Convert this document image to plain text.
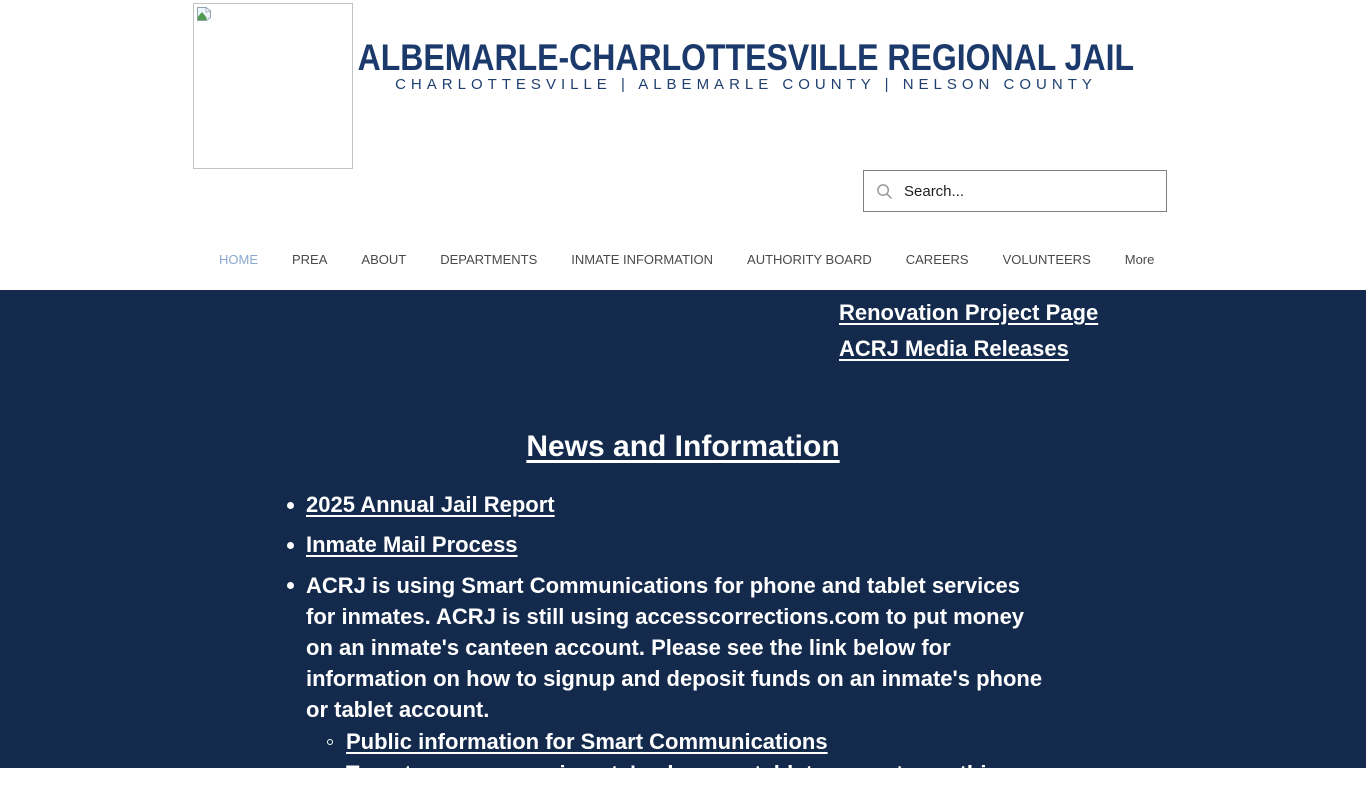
ALBEMARLE-CHARLOTTESVILLE REGIONAL JAIL
CHARLOTTESVILLE | ALBEMARLE COUNTY | NELSON COUNTY
Search...
HOME	PREA	ABOUT	DEPARTMENTS	INMATE INFORMATION	AUTHORITY BOARD	CAREERS	VOLUNTEERS	More
Renovation Project Page
ACRJ Media Releases
News and Information
2025 Annual Jail Report
Inmate Mail Process

ACRJ is using Smart Communications for phone and tablet services for inmates. ACRJ is still using accesscorrections.com to put money on an inmate's canteen account. Please see the link below for information on how to signup and deposit funds on an inmate's phone or tablet account.

Public information for Smart Communications
To put money on an inmate's phone or tablet account, use this
